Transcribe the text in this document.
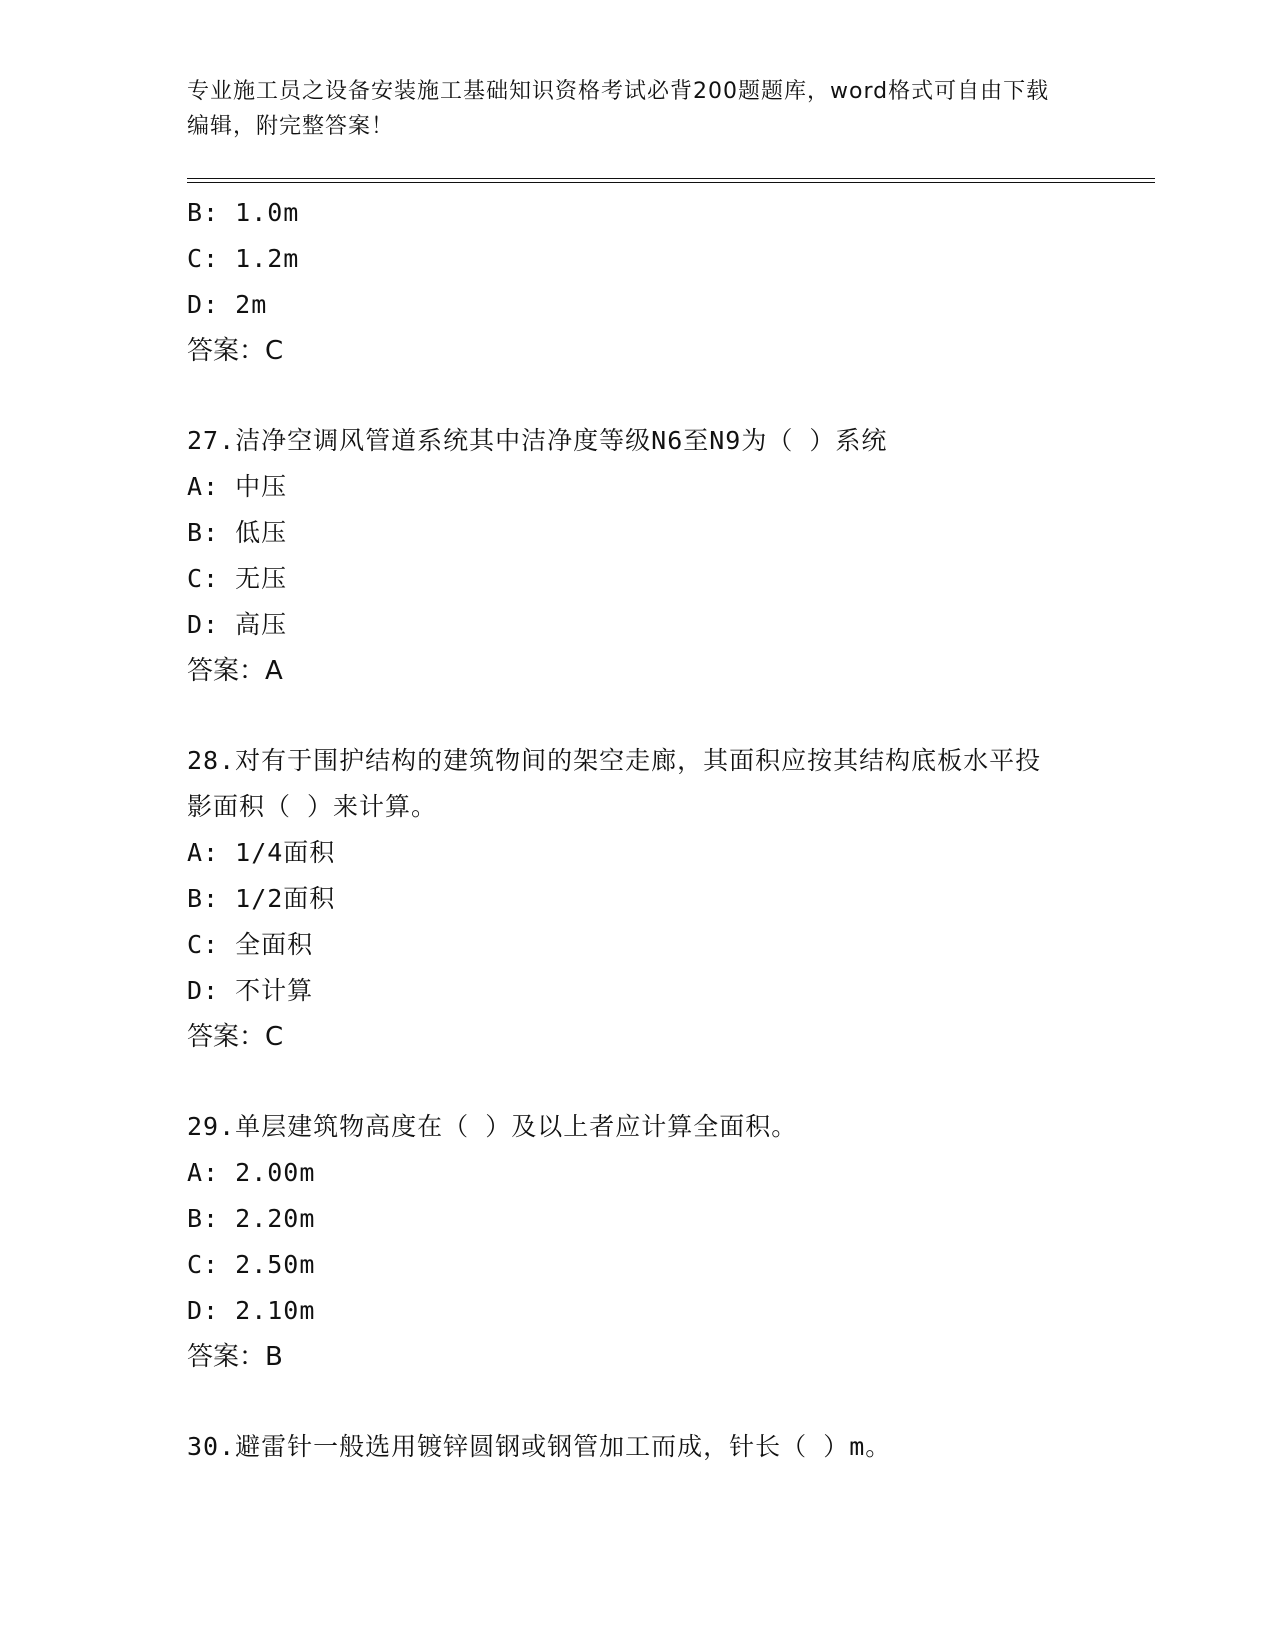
专业施工员之设备安装施工基础知识资格考试必背200题题库，word格式可自由下载编辑，附完整答案！
B: 1.0m
C: 1.2m
D: 2m
答案：C
27.洁净空调风管道系统其中洁净度等级N6至N9为（ ）系统
A: 中压
B: 低压
C: 无压
D: 高压
答案：A
28.对有于围护结构的建筑物间的架空走廊，其面积应按其结构底板水平投影面积（ ）来计算。
A: 1/4面积
B: 1/2面积
C: 全面积
D: 不计算
答案：C
29.单层建筑物高度在（ ）及以上者应计算全面积。
A: 2.00m
B: 2.20m
C: 2.50m
D: 2.10m
答案：B
30.避雷针一般选用镀锌圆钢或钢管加工而成，针长（ ）m。
